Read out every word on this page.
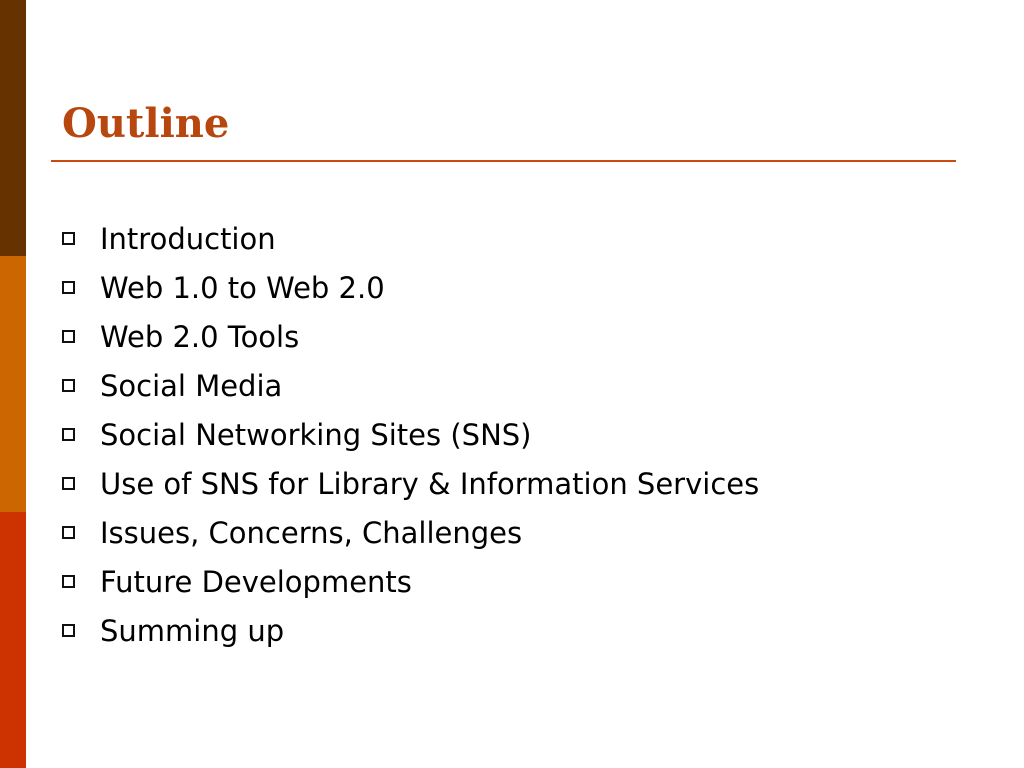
Outline
Introduction
Web 1.0 to Web 2.0
Web 2.0 Tools
Social Media
Social Networking Sites (SNS)
Use of SNS for Library & Information Services
Issues, Concerns, Challenges
Future Developments
Summing up
